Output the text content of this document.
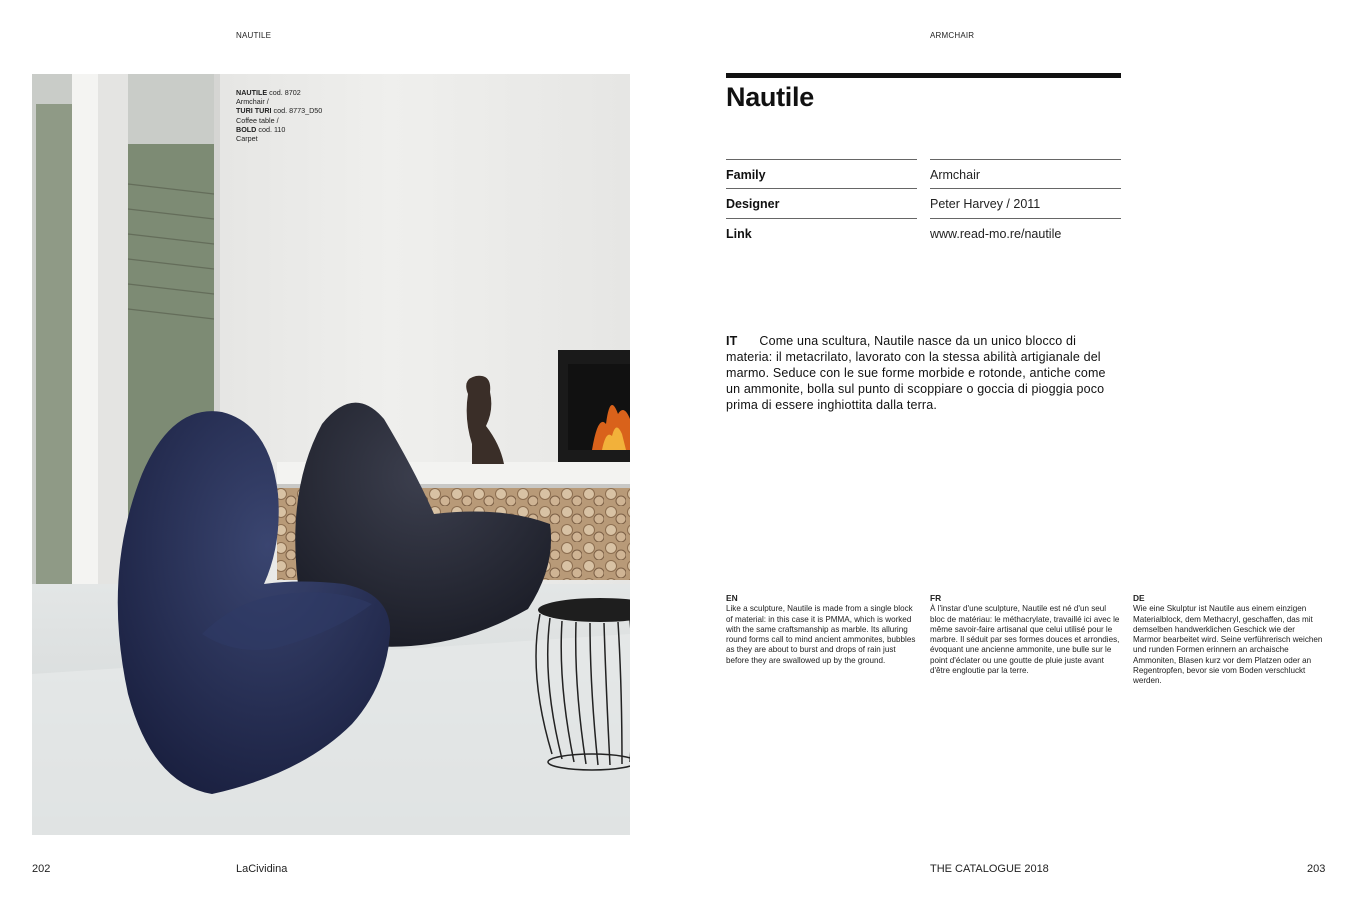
NAUTILE	ARMCHAIR
NAUTILE cod. 8702
Armchair /
TURI TURI cod. 8773_D50
Coffee table /
BOLD cod. 110
Carpet
Nautile
Family	Armchair
Designer	Peter Harvey / 2011
Link	www.read-mo.re/nautile
IT Come una scultura, Nautile nasce da un unico blocco di materia: il metacrilato, lavorato con la stessa abilità artigianale del marmo. Seduce con le sue forme morbide e rotonde, antiche come un ammonite, bolla sul punto di scoppiare o goccia di pioggia poco prima di essere inghiottita dalla terra.
EN
Like a sculpture, Nautile is made from a single block of material: in this case it is PMMA, which is worked with the same craftsmanship as marble. Its alluring round forms call to mind ancient ammonites, bubbles as they are about to burst and drops of rain just before they are swallowed up by the ground.
FR
À l'instar d'une sculpture, Nautile est né d'un seul bloc de matériau: le méthacrylate, travaillé ici avec le même savoir-faire artisanal que celui utilisé pour le marbre. Il séduit par ses formes douces et arrondies, évoquant une ancienne ammonite, une bulle sur le point d'éclater ou une goutte de pluie juste avant d'être engloutie par la terre.
DE
Wie eine Skulptur ist Nautile aus einem einzigen Materialblock, dem Methacryl, geschaffen, das mit demselben handwerklichen Geschick wie der Marmor bearbeitet wird. Seine verführerisch weichen und runden Formen erinnern an archaische Ammoniten, Blasen kurz vor dem Platzen oder an Regentropfen, bevor sie vom Boden verschluckt werden.
202	LaCividina	THE CATALOGUE 2018	203
